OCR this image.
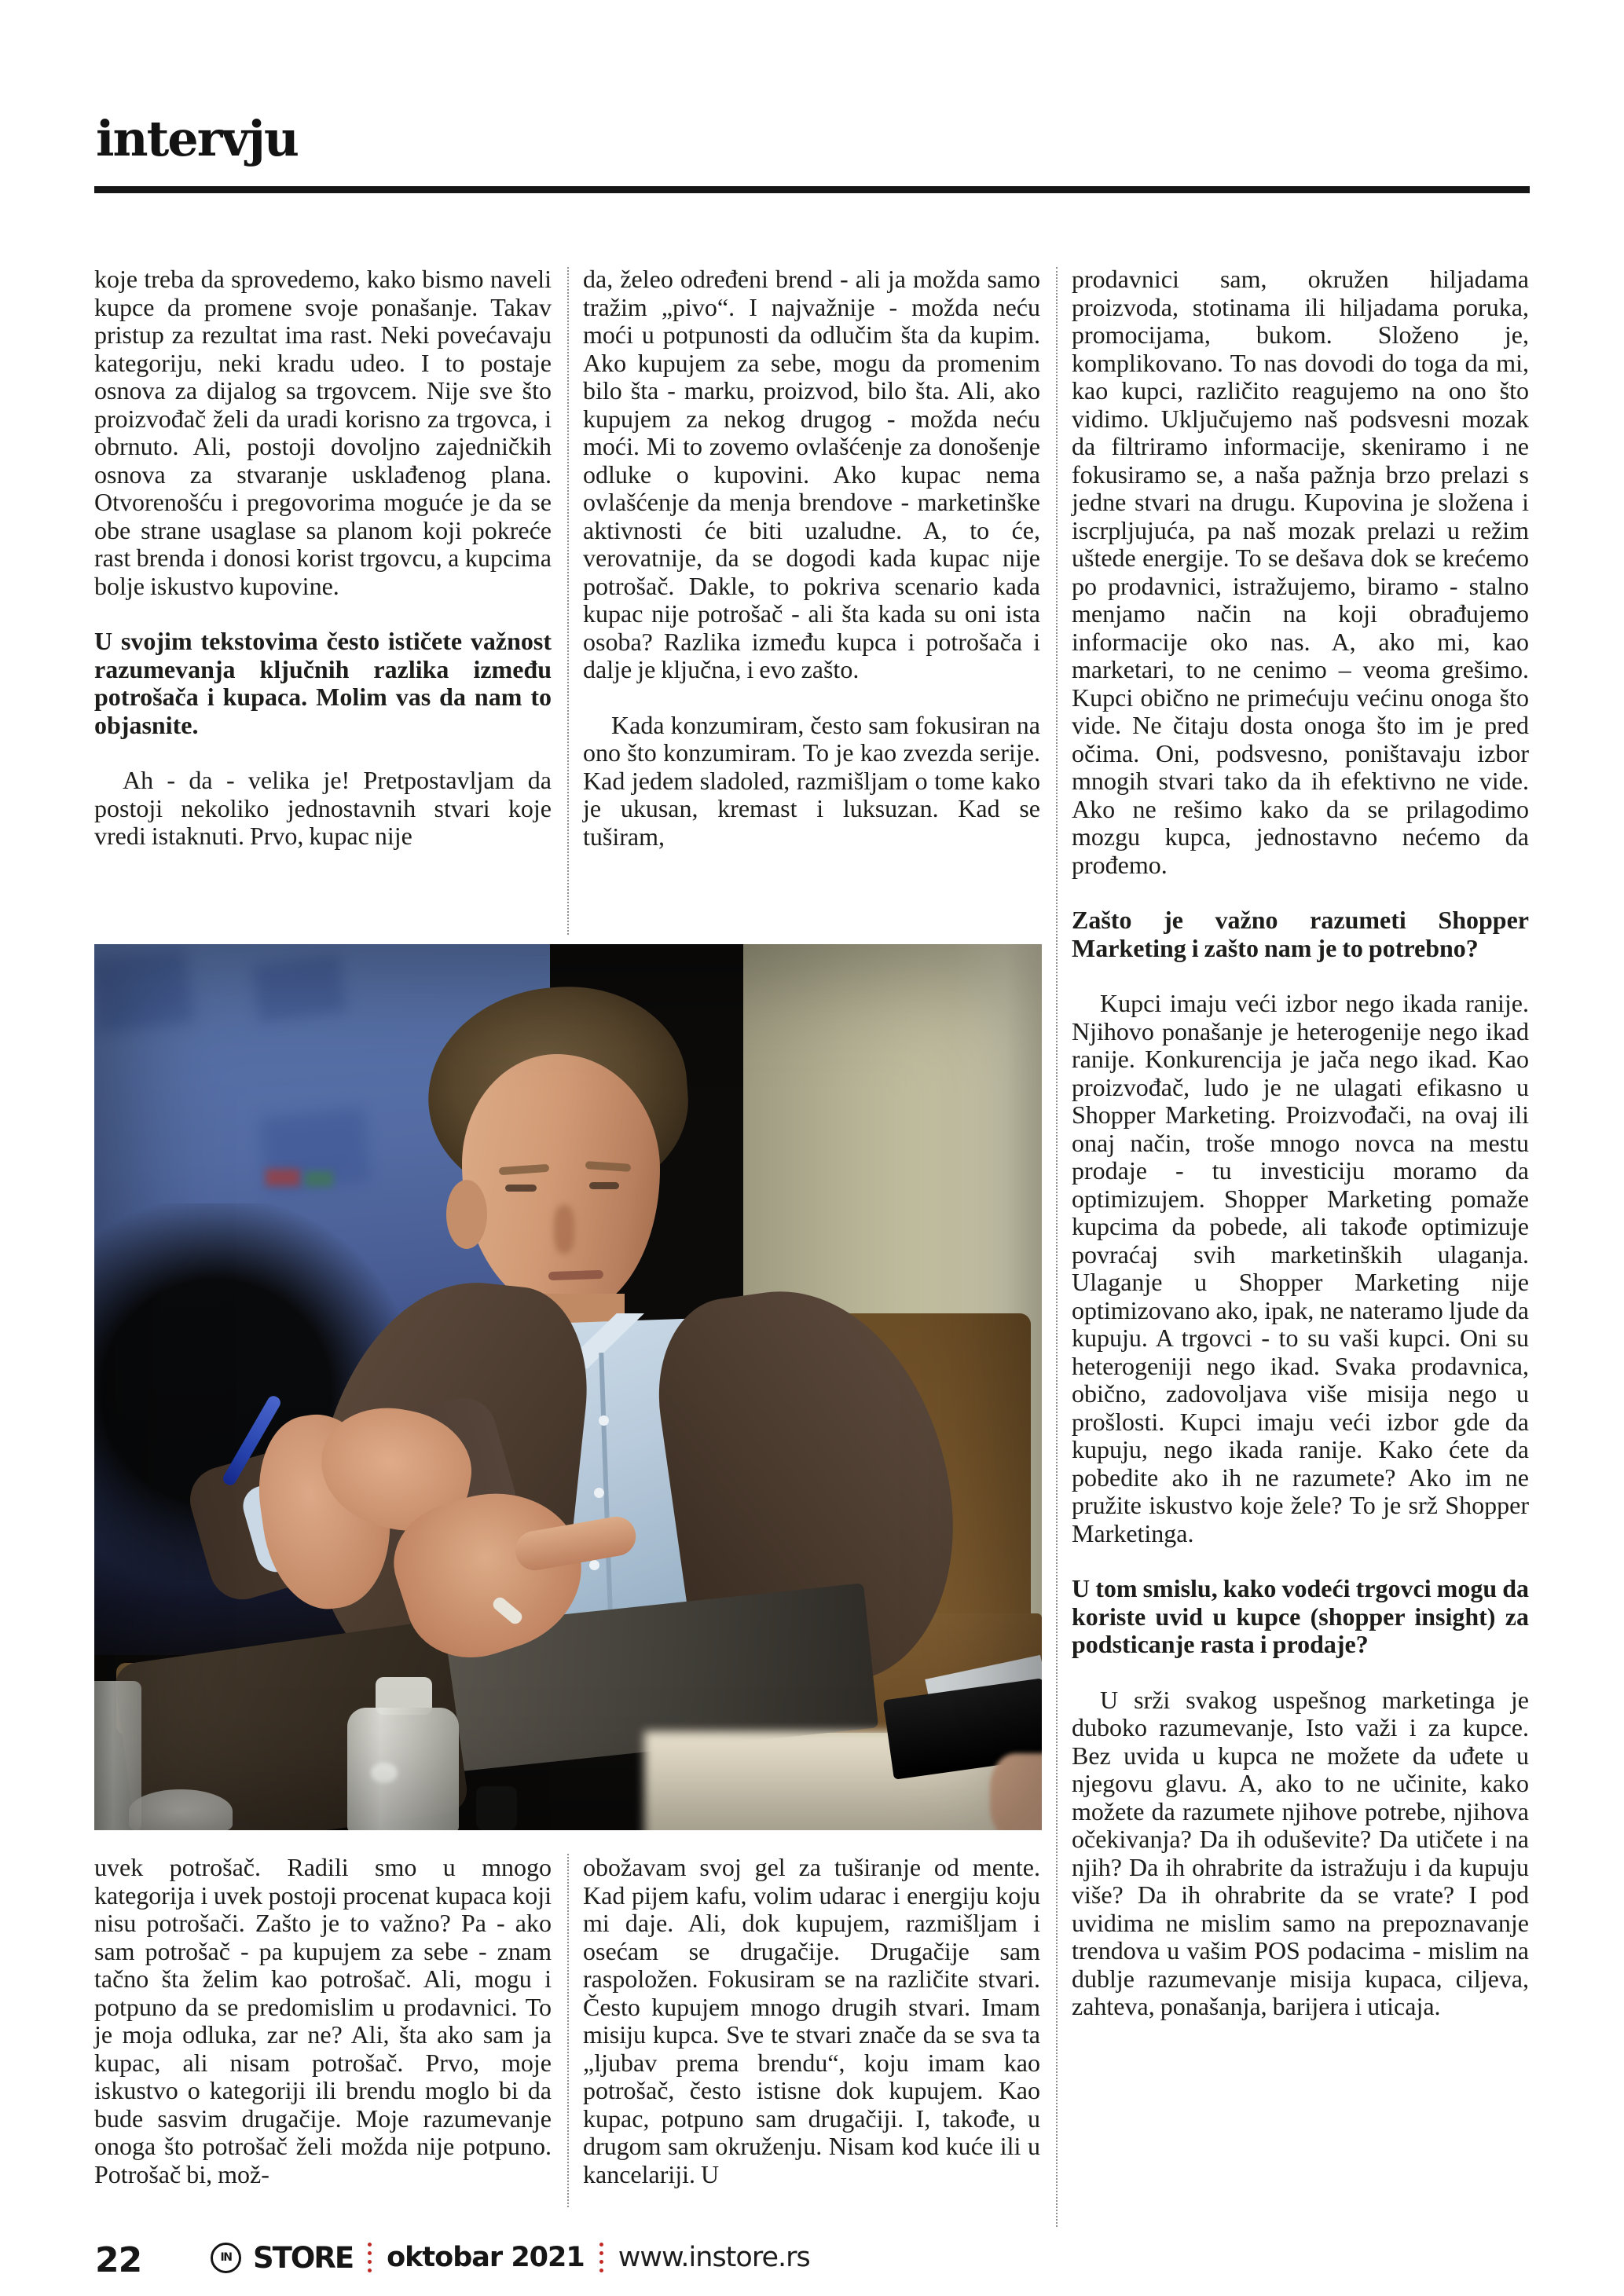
intervju

koje treba da sprovedemo, kako bismo naveli kupce da promene svoje ponašanje. Takav pristup za rezultat ima rast. Neki povećavaju kategoriju, neki kradu udeo. I to postaje osnova za dijalog sa trgovcem. Nije sve što proizvođač želi da uradi korisno za trgovca, i obrnuto. Ali, postoji dovoljno zajedničkih osnova za stvaranje usklađenog plana. Otvorenošću i pregovorima moguće je da se obe strane usaglase sa planom koji pokreće rast brenda i donosi korist trgovcu, a kupcima bolje iskustvo kupovine.

U svojim tekstovima često ističete važnost razumevanja ključnih razlika između potrošača i kupaca. Molim vas da nam to objasnite.

Ah - da - velika je! Pretpostavljam da postoji nekoliko jednostavnih stvari koje vredi istaknuti. Prvo, kupac nije

da, želeo određeni brend - ali ja možda samo tražim „pivo“. I najvažnije - možda neću moći u potpunosti da odlučim šta da kupim. Ako kupujem za sebe, mogu da promenim bilo šta - marku, proizvod, bilo šta. Ali, ako kupujem za nekog drugog - možda neću moći. Mi to zovemo ovlašćenje za donošenje odluke o kupovini. Ako kupac nema ovlašćenje da menja brendove - marketinške aktivnosti će biti uzaludne. A, to će, verovatnije, da se dogodi kada kupac nije potrošač. Dakle, to pokriva scenario kada kupac nije potrošač - ali šta kada su oni ista osoba? Razlika između kupca i potrošača i dalje je ključna, i evo zašto.

Kada konzumiram, često sam fokusiran na ono što konzumiram. To je kao zvezda serije. Kad jedem sladoled, razmišljam o tome kako je ukusan, kremast i luksuzan. Kad se tuširam,

prodavnici sam, okružen hiljadama proizvoda, stotinama ili hiljadama poruka, promocijama, bukom. Složeno je, komplikovano. To nas dovodi do toga da mi, kao kupci, različito reagujemo na ono što vidimo. Uključujemo naš podsvesni mozak da filtriramo informacije, skeniramo i ne fokusiramo se, a naša pažnja brzo prelazi s jedne stvari na drugu. Kupovina je složena i iscrpljujuća, pa naš mozak prelazi u režim uštede energije. To se dešava dok se krećemo po prodavnici, istražujemo, biramo - stalno menjamo način na koji obrađujemo informacije oko nas. A, ako mi, kao marketari, to ne cenimo – veoma grešimo. Kupci obično ne primećuju većinu onoga što vide. Ne čitaju dosta onoga što im je pred očima. Oni, podsvesno, poništavaju izbor mnogih stvari tako da ih efektivno ne vide. Ako ne rešimo kako da se prilagodimo mozgu kupca, jednostavno nećemo da prođemo.

Zašto je važno razumeti Shopper Marketing i zašto nam je to potrebno?

Kupci imaju veći izbor nego ikada ranije. Njihovo ponašanje je heterogenije nego ikad ranije. Konkurencija je jača nego ikad. Kao proizvođač, ludo je ne ulagati efikasno u Shopper Marketing. Proizvođači, na ovaj ili onaj način, troše mnogo novca na mestu prodaje - tu investiciju moramo da optimizujem. Shopper Marketing pomaže kupcima da pobede, ali takođe optimizuje povraćaj svih marketinških ulaganja. Ulaganje u Shopper Marketing nije optimizovano ako, ipak, ne nateramo ljude da kupuju. A trgovci - to su vaši kupci. Oni su heterogeniji nego ikad. Svaka prodavnica, obično, zadovoljava više misija nego u prošlosti. Kupci imaju veći izbor gde da kupuju, nego ikada ranije. Kako ćete da pobedite ako ih ne razumete? Ako im ne pružite iskustvo koje žele? To je srž Shopper Marketinga.

U tom smislu, kako vodeći trgovci mogu da koriste uvid u kupce (shopper insight) za podsticanje rasta i prodaje?

U srži svakog uspešnog marketinga je duboko razumevanje, Isto važi i za kupce. Bez uvida u kupca ne možete da uđete u njegovu glavu. A, ako to ne učinite, kako možete da razumete njihove potrebe, njihova očekivanja? Da ih oduševite? Da utičete i na njih? Da ih ohrabrite da istražuju i da kupuju više? Da ih ohrabrite da se vrate? I pod uvidima ne mislim samo na prepoznavanje trendova u vašim POS podacima - mislim na dublje razumevanje misija kupaca, ciljeva, zahteva, ponašanja, barijera i uticaja.

uvek potrošač. Radili smo u mnogo kategorija i uvek postoji procenat kupaca koji nisu potrošači. Zašto je to važno? Pa - ako sam potrošač - pa kupujem za sebe - znam tačno šta želim kao potrošač. Ali, mogu i potpuno da se predomislim u prodavnici. To je moja odluka, zar ne? Ali, šta ako sam ja kupac, ali nisam potrošač. Prvo, moje iskustvo o kategoriji ili brendu moglo bi da bude sasvim drugačije. Moje razumevanje onoga što potrošač želi možda nije potpuno. Potrošač bi, mož-

obožavam svoj gel za tuširanje od mente. Kad pijem kafu, volim udarac i energiju koju mi daje. Ali, dok kupujem, razmišljam i osećam se drugačije. Drugačije sam raspoložen. Fokusiram se na različite stvari. Često kupujem mnogo drugih stvari. Imam misiju kupca. Sve te stvari znače da se sva ta „ljubav prema brendu“, koju imam kao potrošač, često istisne dok kupujem. Kao kupac, potpuno sam drugačiji. I, takođe, u drugom sam okruženju. Nisam kod kuće ili u kancelariji. U

22	IN STORE oktobar 2021 www.instore.rs
